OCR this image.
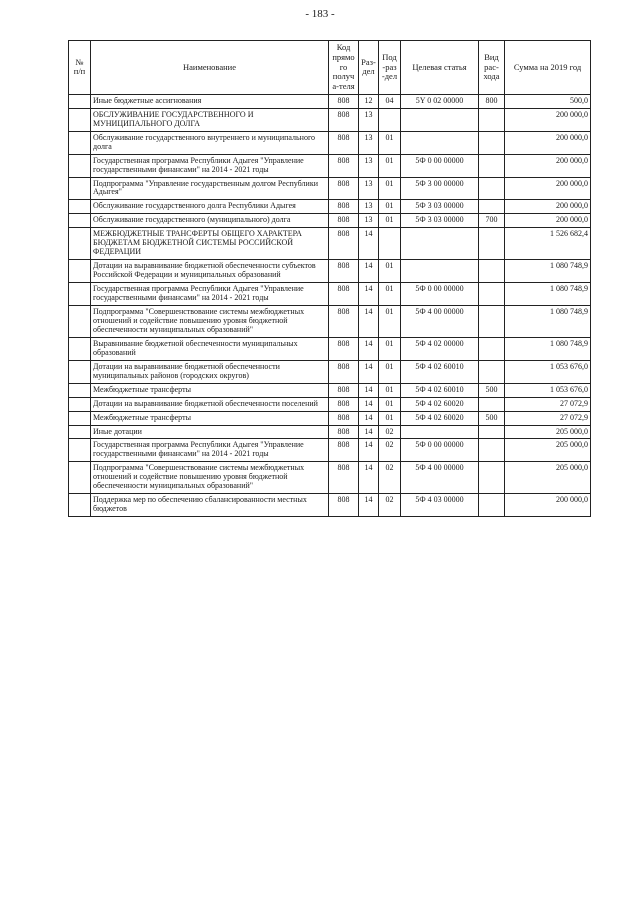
- 183 -
№ п/п	Наименование	Код прямого получа-теля	Раз-дел	Под-раз-дел	Целевая статья	Вид рас-хода	Сумма на 2019 год
	Иные бюджетные ассигнования	808	12	04	5Y 0 02 00000	800	500,0
	ОБСЛУЖИВАНИЕ ГОСУДАРСТВЕННОГО И МУНИЦИПАЛЬНОГО ДОЛГА	808	13				200 000,0
	Обслуживание государственного внутреннего и муниципального долга	808	13	01			200 000,0
	Государственная программа Республики Адыгея "Управление государственными финансами" на 2014 - 2021 годы	808	13	01	5Ф 0 00 00000		200 000,0
	Подпрограмма "Управление государственным долгом Республики Адыгея"	808	13	01	5Ф 3 00 00000		200 000,0
	Обслуживание государственного долга Республики Адыгея	808	13	01	5Ф 3 03 00000		200 000,0
	Обслуживание государственного (муниципального) долга	808	13	01	5Ф 3 03 00000	700	200 000,0
	МЕЖБЮДЖЕТНЫЕ ТРАНСФЕРТЫ ОБЩЕГО ХАРАКТЕРА БЮДЖЕТАМ БЮДЖЕТНОЙ СИСТЕМЫ РОССИЙСКОЙ ФЕДЕРАЦИИ	808	14				1 526 682,4
	Дотации на выравнивание бюджетной обеспеченности субъектов Российской Федерации и муниципальных образований	808	14	01			1 080 748,9
	Государственная программа Республики Адыгея "Управление государственными финансами" на 2014 - 2021 годы	808	14	01	5Ф 0 00 00000		1 080 748,9
	Подпрограмма "Совершенствование системы межбюджетных отношений и содействие повышению уровня бюджетной обеспеченности муниципальных образований"	808	14	01	5Ф 4 00 00000		1 080 748,9
	Выравнивание бюджетной обеспеченности муниципальных образований	808	14	01	5Ф 4 02 00000		1 080 748,9
	Дотации на выравнивание бюджетной обеспеченности муниципальных районов (городских округов)	808	14	01	5Ф 4 02 60010		1 053 676,0
	Межбюджетные трансферты	808	14	01	5Ф 4 02 60010	500	1 053 676,0
	Дотации на выравнивание бюджетной обеспеченности поселений	808	14	01	5Ф 4 02 60020		27 072,9
	Межбюджетные трансферты	808	14	01	5Ф 4 02 60020	500	27 072,9
	Иные дотации	808	14	02			205 000,0
	Государственная программа Республики Адыгея "Управление государственными финансами" на 2014 - 2021 годы	808	14	02	5Ф 0 00 00000		205 000,0
	Подпрограмма "Совершенствование системы межбюджетных отношений и содействие повышению уровня бюджетной обеспеченности муниципальных образований"	808	14	02	5Ф 4 00 00000		205 000,0
	Поддержка мер по обеспечению сбалансированности местных бюджетов	808	14	02	5Ф 4 03 00000		200 000,0
